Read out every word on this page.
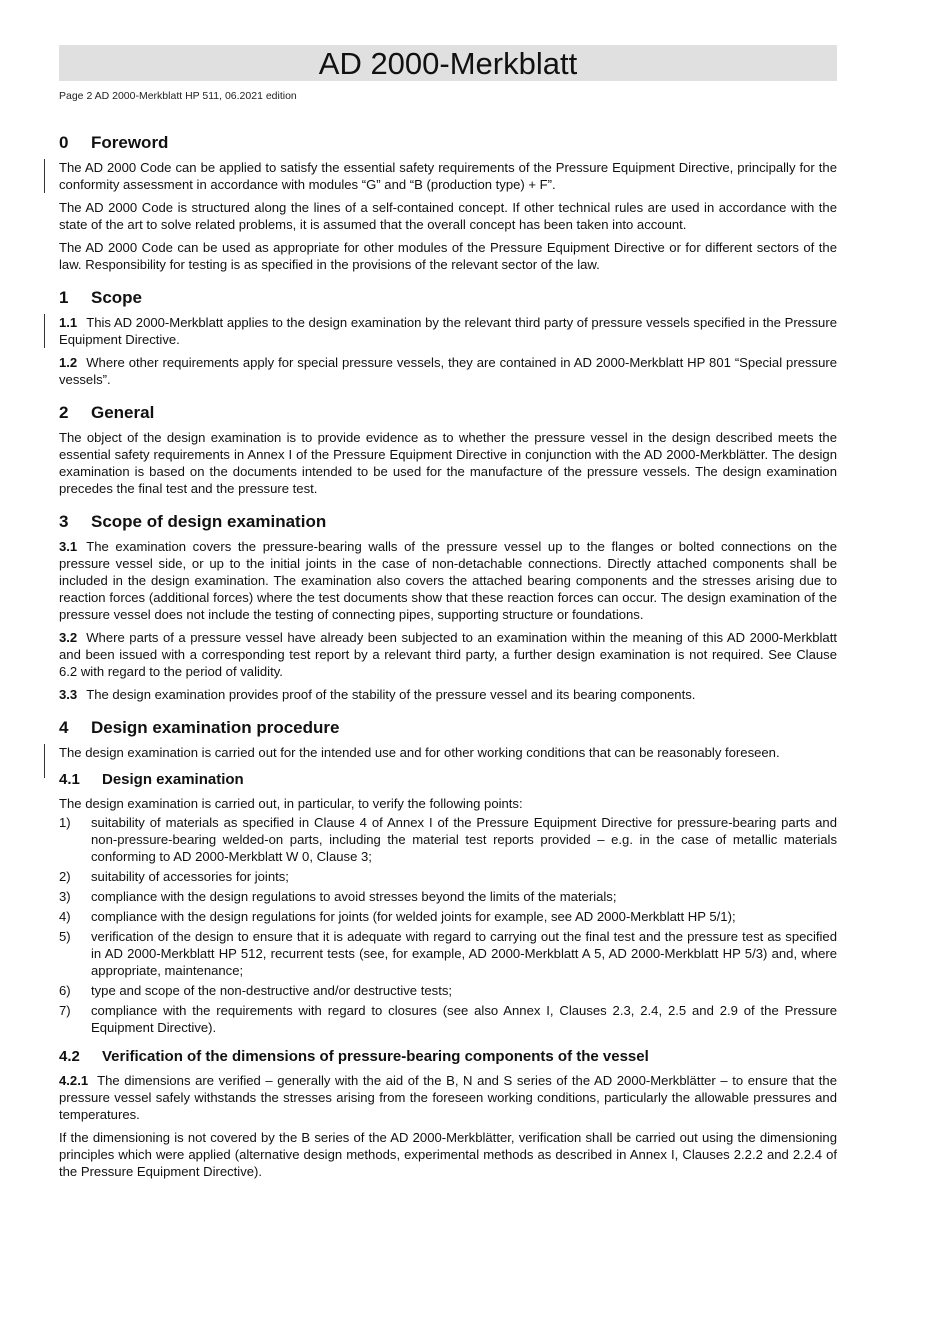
AD 2000-Merkblatt
Page 2 AD 2000-Merkblatt HP 511, 06.2021 edition
0 Foreword

The AD 2000 Code can be applied to satisfy the essential safety requirements of the Pressure Equipment Directive, principally for the conformity assessment in accordance with modules “G” and “B (production type) + F”.

The AD 2000 Code is structured along the lines of a self-contained concept. If other technical rules are used in accordance with the state of the art to solve related problems, it is assumed that the overall concept has been taken into account.

The AD 2000 Code can be used as appropriate for other modules of the Pressure Equipment Directive or for different sectors of the law. Responsibility for testing is as specified in the provisions of the relevant sector of the law.

1 Scope

1.1 This AD 2000-Merkblatt applies to the design examination by the relevant third party of pressure vessels specified in the Pressure Equipment Directive.

1.2 Where other requirements apply for special pressure vessels, they are contained in AD 2000-Merkblatt HP 801 “Special pressure vessels”.

2 General

The object of the design examination is to provide evidence as to whether the pressure vessel in the design described meets the essential safety requirements in Annex I of the Pressure Equipment Directive in conjunction with the AD 2000-Merkblätter. The design examination is based on the documents intended to be used for the manufacture of the pressure vessels. The design examination precedes the final test and the pressure test.

3 Scope of design examination

3.1 The examination covers the pressure-bearing walls of the pressure vessel up to the flanges or bolted connections on the pressure vessel side, or up to the initial joints in the case of non-detachable connections. Directly attached components shall be included in the design examination. The examination also covers the attached bearing components and the stresses arising due to reaction forces (additional forces) where the test documents show that these reaction forces can occur. The design examination of the pressure vessel does not include the testing of connecting pipes, supporting structure or foundations.

3.2 Where parts of a pressure vessel have already been subjected to an examination within the meaning of this AD 2000-Merkblatt and been issued with a corresponding test report by a relevant third party, a further design examination is not required. See Clause 6.2 with regard to the period of validity.

3.3 The design examination provides proof of the stability of the pressure vessel and its bearing components.

4 Design examination procedure

The design examination is carried out for the intended use and for other working conditions that can be reasonably foreseen.

4.1 Design examination

The design examination is carried out, in particular, to verify the following points:

1) suitability of materials as specified in Clause 4 of Annex I of the Pressure Equipment Directive for pressure-bearing parts and non-pressure-bearing welded-on parts, including the material test reports provided – e.g. in the case of metallic materials conforming to AD 2000-Merkblatt W 0, Clause 3;
2) suitability of accessories for joints;
3) compliance with the design regulations to avoid stresses beyond the limits of the materials;
4) compliance with the design regulations for joints (for welded joints for example, see AD 2000-Merkblatt HP 5/1);
5) verification of the design to ensure that it is adequate with regard to carrying out the final test and the pressure test as specified in AD 2000-Merkblatt HP 512, recurrent tests (see, for example, AD 2000-Merkblatt A 5, AD 2000-Merkblatt HP 5/3) and, where appropriate, maintenance;
6) type and scope of the non-destructive and/or destructive tests;
7) compliance with the requirements with regard to closures (see also Annex I, Clauses 2.3, 2.4, 2.5 and 2.9 of the Pressure Equipment Directive).
4.2 Verification of the dimensions of pressure-bearing components of the vessel

4.2.1 The dimensions are verified – generally with the aid of the B, N and S series of the AD 2000-Merkblätter – to ensure that the pressure vessel safely withstands the stresses arising from the foreseen working conditions, particularly the allowable pressures and temperatures.

If the dimensioning is not covered by the B series of the AD 2000-Merkblätter, verification shall be carried out using the dimensioning principles which were applied (alternative design methods, experimental methods as described in Annex I, Clauses 2.2.2 and 2.2.4 of the Pressure Equipment Directive).
